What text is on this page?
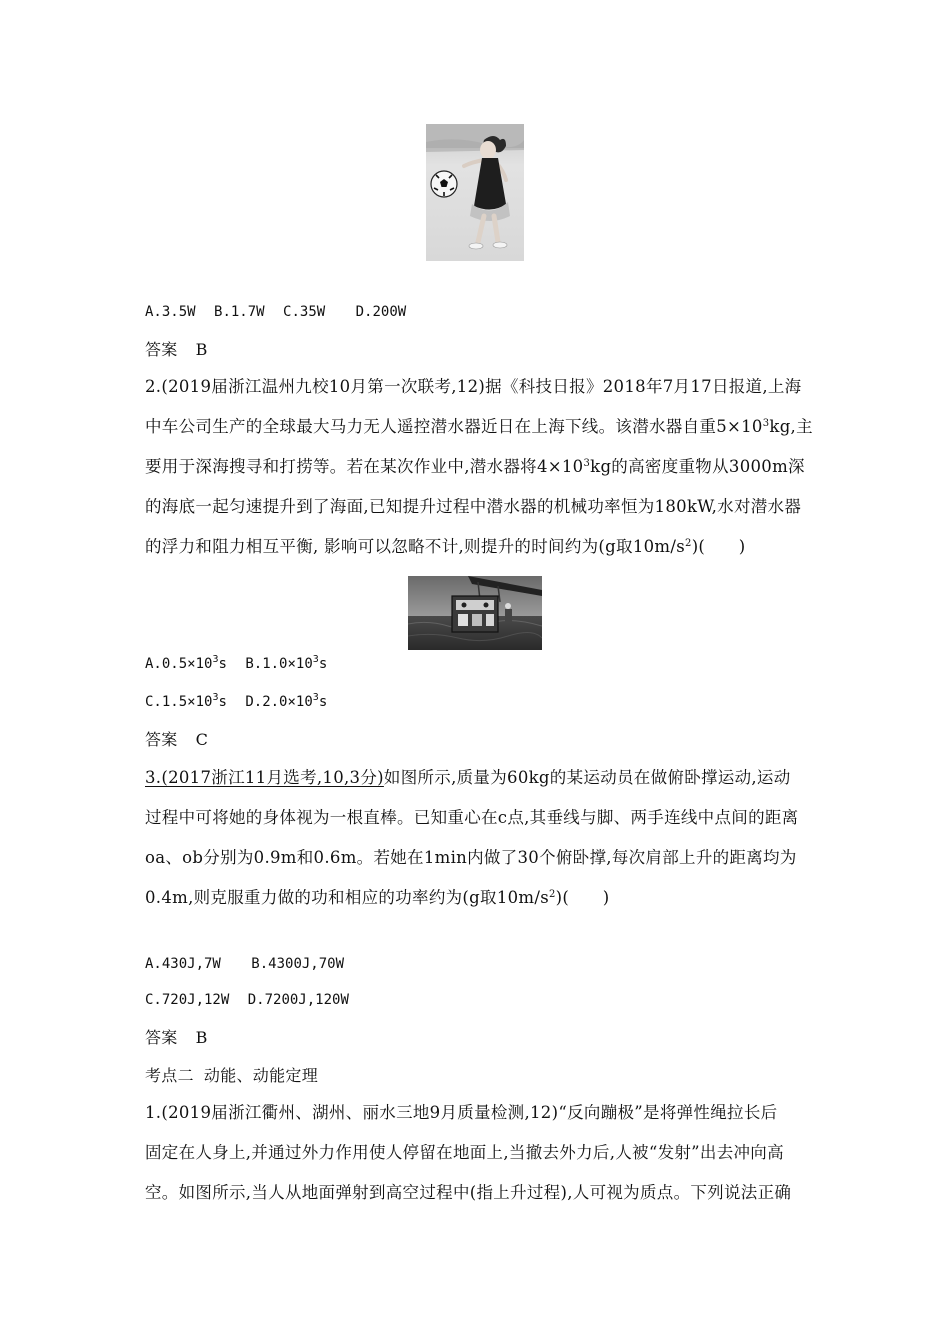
A.3.5W B.1.7W C.35W D.200W
答案 B
2.(2019届浙江温州九校10月第一次联考,12)据《科技日报》2018年7月17日报道,上海
中车公司生产的全球最大马力无人遥控潜水器近日在上海下线。该潜水器自重$5\times 10^3kg$,主
要用于深海搜寻和打捞等。若在某次作业中,潜水器将$4\times 10^3kg$的高密度重物从3000m深
的海底一起匀速提升到了海面,已知提升过程中潜水器的机械功率恒为180kW,水对潜水器
的浮力和阻力相互平衡, 影响可以忽略不计,则提升的时间约为(g取$10m/s^2$)(　　)
$A.0.5\times 10^3s$ $B.1.0\times 10^3s$
$C.1.5\times 10^3s$ $D.2.0\times 10^3s$
答案 C
3.(2017浙江11月选考,10,3分)如图所示,质量为60kg的某运动员在做俯卧撑运动,运动
过程中可将她的身体视为一根直棒。已知重心在c点,其垂线与脚、两手连线中点间的距离
oa、ob分别为0.9m和0.6m。若她在1min内做了30个俯卧撑,每次肩部上升的距离均为
0.4m,则克服重力做的功和相应的功率约为(g取$10m/s^2$)(　　)
A.430J,7W B.4300J,70W
C.720J,12W D.7200J,120W
答案 B
考点二 动能、动能定理
1.(2019届浙江衢州、湖州、丽水三地9月质量检测,12)“反向蹦极”是将弹性绳拉长后
固定在人身上,并通过外力作用使人停留在地面上,当撤去外力后,人被“发射”出去冲向高
空。如图所示,当人从地面弹射到高空过程中(指上升过程),人可视为质点。下列说法正确
